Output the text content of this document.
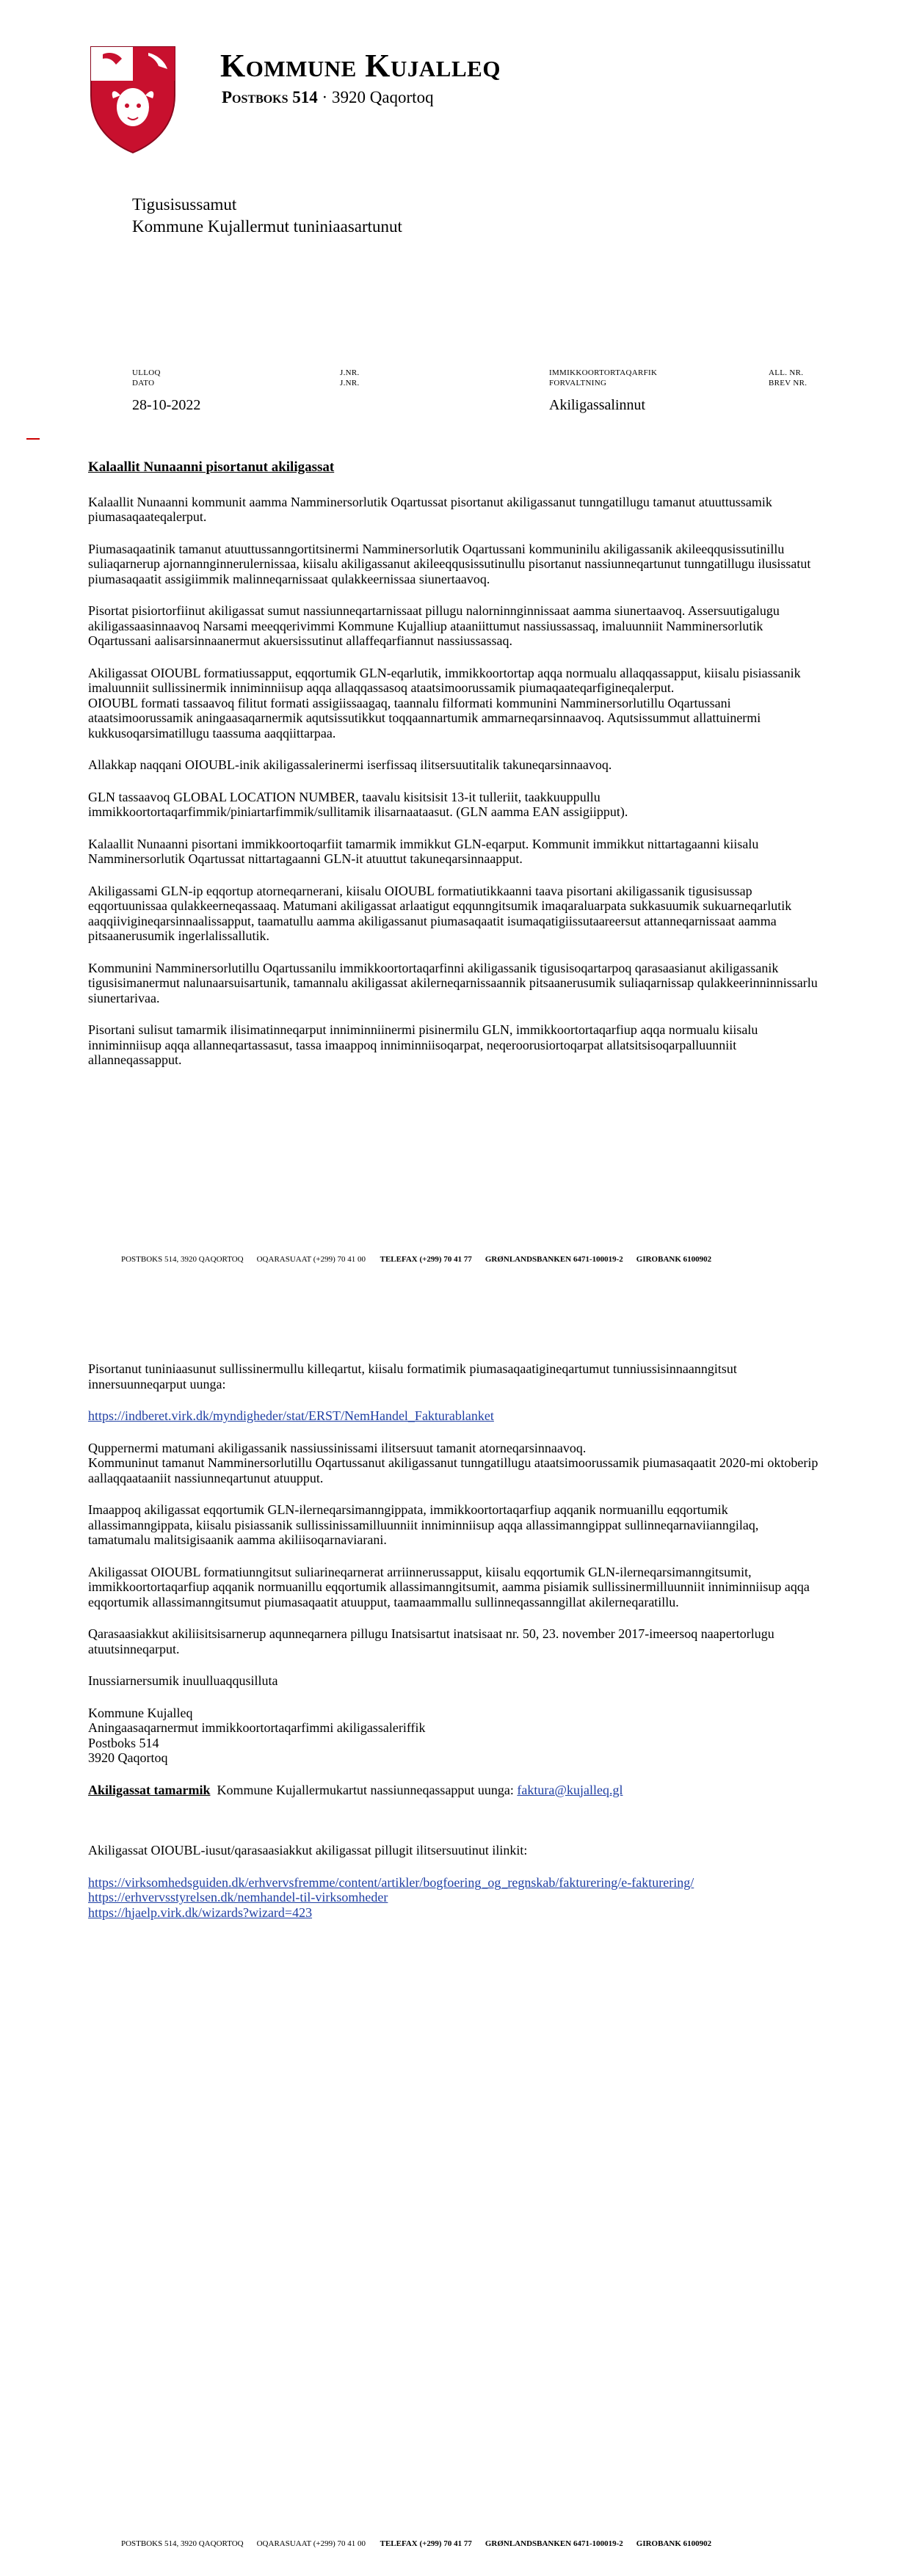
Kommune Kujalleq
Postboks 514 · 3920 Qaqortoq
Tigusisussamut
Kommune Kujallermut tuniniaasartunut
ULLOQ
DATO
28-10-2022
J.NR.
J.NR.
IMMIKKOORTORTAQARFIK
FORVALTNING
Akiligassalinnut
ALL. NR.
BREV NR.

Kalaallit Nunaanni pisortanut akiligassat

Kalaallit Nunaanni kommunit aamma Namminersorlutik Oqartussat pisortanut akiligassanut tunngatillugu tamanut atuuttussamik piumasaqaateqalerput.

Piumasaqaatinik tamanut atuuttussanngortitsinermi Namminersorlutik Oqartussani kommuninilu akiligassanik akileeqqusissutinillu suliaqarnerup ajornannginnerulernissaa, kiisalu akiligassanut akileeqqusissutinullu pisortanut nassiunneqartunut tunngatillugu ilusissatut piumasaqaatit assigiimmik malinneqarnissaat qulakkeernissaa siunertaavoq.

Pisortat pisiortorfiinut akiligassat sumut nassiunneqartarnissaat pillugu nalorninnginnissaat aamma siunertaavoq. Assersuutigalugu akiligassaasinnaavoq Narsami meeqqerivimmi Kommune Kujalliup ataaniittumut nassiussassaq, imaluunniit Namminersorlutik Oqartussani aalisarsinnaanermut akuersissutinut allaffeqarfiannut nassiussassaq.

Akiligassat OIOUBL formatiussapput, eqqortumik GLN-eqarlutik, immikkoortortap aqqa normualu allaqqassapput, kiisalu pisiassanik imaluunniit sullissinermik inniminniisup aqqa allaqqassasoq ataatsimoorussamik piumaqaateqarfigineqalerput.
OIOUBL formati tassaavoq filitut formati assigiissaagaq, taannalu filformati kommunini Namminersorlutillu Oqartussani ataatsimoorussamik aningaasaqarnermik aqutsissutikkut toqqaannartumik ammarneqarsinnaavoq. Aqutsissummut allattuinermi kukkusoqarsimatillugu taassuma aaqqiittarpaa.

Allakkap naqqani OIOUBL-inik akiligassalerinermi iserfissaq ilitsersuutitalik takuneqarsinnaavoq.

GLN tassaavoq GLOBAL LOCATION NUMBER, taavalu kisitsisit 13-it tulleriit, taakkuuppullu immikkoortortaqarfimmik/piniartarfimmik/sullitamik ilisarnaataasut. (GLN aamma EAN assigiipput).

Kalaallit Nunaanni pisortani immikkoortoqarfiit tamarmik immikkut GLN-eqarput. Kommunit immikkut nittartagaanni kiisalu Namminersorlutik Oqartussat nittartagaanni GLN-it atuuttut takuneqarsinnaapput.

Akiligassami GLN-ip eqqortup atorneqarnerani, kiisalu OIOUBL formatiutikkaanni taava pisortani akiligassanik tigusisussap eqqortuunissaa qulakkeerneqassaaq. Matumani akiligassat arlaatigut eqqunngitsumik imaqaraluarpata sukkasuumik sukuarneqarlutik aaqqiivigineqarsinnaalissapput, taamatullu aamma akiligassanut piumasaqaatit isumaqatigiissutaareersut attanneqarnissaat aamma pitsaanerusumik ingerlalissallutik.

Kommunini Namminersorlutillu Oqartussanilu immikkoortortaqarfinni akiligassanik tigusisoqartarpoq qarasaasianut akiligassanik tigusisimanermut nalunaarsuisartunik, tamannalu akiligassat akilerneqarnissaannik pitsaanerusumik suliaqarnissap qulakkeerinninnissarlu siunertarivaa.

Pisortani sulisut tamarmik ilisimatinneqarput inniminniinermi pisinermilu GLN, immikkoortortaqarfiup aqqa normualu kiisalu inniminniisup aqqa allanneqartassasut, tassa imaappoq inniminniisoqarpat, neqeroorusiortoqarpat allatsitsisoqarpalluunniit allanneqassapput.

POSTBOKS 514, 3920 QAQORTOQ OQARASUAAT (+299) 70 41 00 TELEFAX (+299) 70 41 77 GRØNLANDSBANKEN 6471-100019-2 GIROBANK 6100902

Pisortanut tuniniaasunut sullissinermullu killeqartut, kiisalu formatimik piumasaqaatigineqartumut tunniussisinnaanngitsut innersuunneqarput uunga:

https://indberet.virk.dk/myndigheder/stat/ERST/NemHandel_Fakturablanket

Quppernermi matumani akiligassanik nassiussinissami ilitsersuut tamanit atorneqarsinnaavoq.
Kommuninut tamanut Namminersorlutillu Oqartussanut akiligassanut tunngatillugu ataatsimoorussamik piumasaqaatit 2020-mi oktoberip aallaqqaataaniit nassiunneqartunut atuupput.

Imaappoq akiligassat eqqortumik GLN-ilerneqarsimanngippata, immikkoortortaqarfiup aqqanik normuanillu eqqortumik allassimanngippata, kiisalu pisiassanik sullissinissamilluunniit inniminniisup aqqa allassimanngippat sullinneqarnaviianngilaq, tamatumalu malitsigisaanik aamma akiliisoqarnaviarani.

Akiligassat OIOUBL formatiunngitsut suliarineqarnerat arriinnerussapput, kiisalu eqqortumik GLN-ilerneqarsimanngitsumit, immikkoortortaqarfiup aqqanik normuanillu eqqortumik allassimanngitsumit, aamma pisiamik sullissinermilluunniit inniminniisup aqqa eqqortumik allassimanngitsumut piumasaqaatit atuupput, taamaammallu sullinneqassanngillat akilerneqaratillu.

Qarasaasiakkut akiliisitsisarnerup aqunneqarnera pillugu Inatsisartut inatsisaat nr. 50, 23. november 2017-imeersoq naapertorlugu atuutsinneqarput.

Inussiarnersumik inuulluaqqusilluta

Kommune Kujalleq
Aningaasaqarnermut immikkoortortaqarfimmi akiligassaleriffik
Postboks 514
3920 Qaqortoq

Akiligassat tamarmik  Kommune Kujallermukartut nassiunneqassapput uunga: faktura@kujalleq.gl

Akiligassat OIOUBL-iusut/qarasaasiakkut akiligassat pillugit ilitsersuutinut ilinkit:

https://virksomhedsguiden.dk/erhvervsfremme/content/artikler/bogfoering_og_regnskab/fakturering/e-fakturering/
https://erhvervsstyrelsen.dk/nemhandel-til-virksomheder
https://hjaelp.virk.dk/wizards?wizard=423

POSTBOKS 514, 3920 QAQORTOQ OQARASUAAT (+299) 70 41 00 TELEFAX (+299) 70 41 77 GRØNLANDSBANKEN 6471-100019-2 GIROBANK 6100902
